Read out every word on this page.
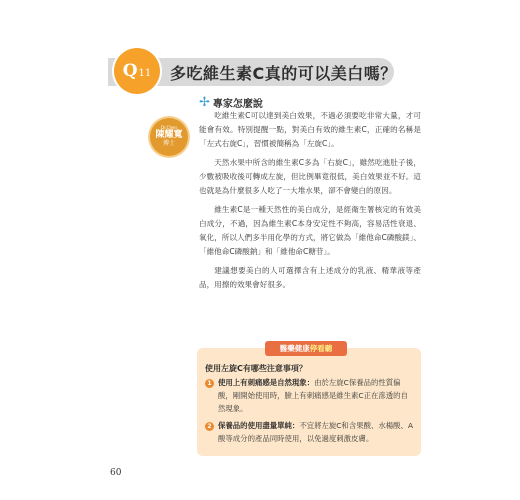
Q 11 多吃維生素C真的可以美白嗎？
✢ 專家怎麼說
Dr.Chen
陳耀寬
博士

吃維生素C可以達到美白效果，不過必須要吃非常大量，才可能會有效。特別提醒一點，對美白有效的維生素C，正確的名稱是「左式右旋C」，習慣被簡稱為「左旋C」。

天然水果中所含的維生素C多為「右旋C」，雖然吃進肚子後，少數被吸收後可轉成左旋，但比例畢竟很低，美白效果並不好。這也就是為什麼很多人吃了一大堆水果，卻不會變白的原因。

維生素C是一種天然性的美白成分，是經衛生署核定的有效美白成分，不過，因為維生素C本身安定性不夠高，容易活性衰退、氧化，所以人們多半用化學的方式，將它做為「維他命C磷酸鎂」、「維他命C磷酸鈉」和「維他命C糖苷」。

建議想要美白的人可選擇含有上述成分的乳液、精華液等產品，用擦的效果會好很多。

醫藥健康 停看聽
使用左旋C有哪些注意事項？
1 使用上有刺痛感是自然現象：由於左旋C保養品的性質偏酸，剛開始使用時，臉上有刺痛感是維生素C正在滲透的自然現象。
2 保養品的使用盡量單純：不宜將左旋C和含果酸、水楊酸、A酸等成分的產品同時使用，以免過度刺激皮膚。
60
